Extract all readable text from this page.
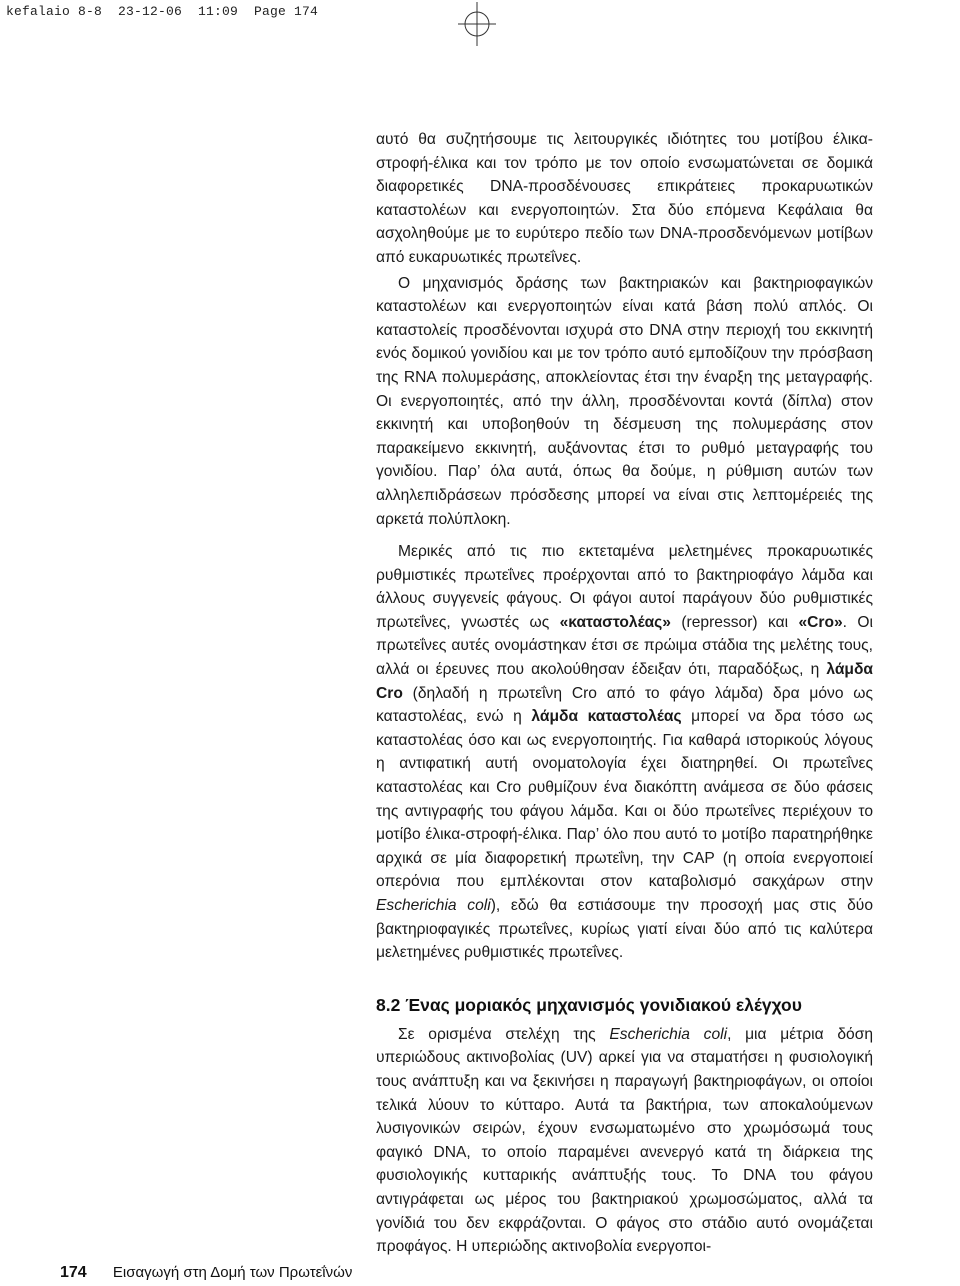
kefalaio 8-8  23-12-06  11:09  Page 174

αυτό θα συζητήσουμε τις λειτουργικές ιδιότητες του μοτίβου έλικα-στροφή-έλικα και τον τρόπο με τον οποίο ενσωματώνεται σε δομικά διαφορετικές DNA-προσδένουσες επικράτειες προκαρυωτικών καταστολέων και ενεργοποιητών. Στα δύο επόμενα Κεφάλαια θα ασχοληθούμε με το ευρύτερο πεδίο των DNA-προσδενόμενων μοτίβων από ευκαρυωτικές πρωτεΐνες.

Ο μηχανισμός δράσης των βακτηριακών και βακτηριοφαγικών καταστολέων και ενεργοποιητών είναι κατά βάση πολύ απλός. Οι καταστολείς προσδένονται ισχυρά στο DNA στην περιοχή του εκκινητή ενός δομικού γονιδίου και με τον τρόπο αυτό εμποδίζουν την πρόσβαση της RNA πολυμεράσης, αποκλείοντας έτσι την έναρξη της μεταγραφής. Οι ενεργοποιητές, από την άλλη, προσδένονται κοντά (δίπλα) στον εκκινητή και υποβοηθούν τη δέσμευση της πολυμεράσης στον παρακείμενο εκκινητή, αυξάνοντας έτσι το ρυθμό μεταγραφής του γονιδίου. Παρ’ όλα αυτά, όπως θα δούμε, η ρύθμιση αυτών των αλληλεπιδράσεων πρόσδεσης μπορεί να είναι στις λεπτομέρειές της αρκετά πολύπλοκη.

Μερικές από τις πιο εκτεταμένα μελετημένες προκαρυωτικές ρυθμιστικές πρωτεΐνες προέρχονται από το βακτηριοφάγο λάμδα και άλλους συγγενείς φάγους. Οι φάγοι αυτοί παράγουν δύο ρυθμιστικές πρωτεΐνες, γνωστές ως «καταστολέας» (repressor) και «Cro». Οι πρωτεΐνες αυτές ονομάστηκαν έτσι σε πρώιμα στάδια της μελέτης τους, αλλά οι έρευνες που ακολούθησαν έδειξαν ότι, παραδόξως, η λάμδα Cro (δηλαδή η πρωτεΐνη Cro από το φάγο λάμδα) δρα μόνο ως καταστολέας, ενώ η λάμδα καταστολέας μπορεί να δρα τόσο ως καταστολέας όσο και ως ενεργοποιητής. Για καθαρά ιστορικούς λόγους η αντιφατική αυτή ονοματολογία έχει διατηρηθεί. Οι πρωτεΐνες καταστολέας και Cro ρυθμίζουν ένα διακόπτη ανάμεσα σε δύο φάσεις της αντιγραφής του φάγου λάμδα. Και οι δύο πρωτεΐνες περιέχουν το μοτίβο έλικα-στροφή-έλικα. Παρ’ όλο που αυτό το μοτίβο παρατηρήθηκε αρχικά σε μία διαφορετική πρωτεΐνη, την CAP (η οποία ενεργοποιεί οπερόνια που εμπλέκονται στον καταβολισμό σακχάρων στην Escherichia coli), εδώ θα εστιάσουμε την προσοχή μας στις δύο βακτηριοφαγικές πρωτεΐνες, κυρίως γιατί είναι δύο από τις καλύτερα μελετημένες ρυθμιστικές πρωτεΐνες.

8.2 Ένας μοριακός μηχανισμός γονιδιακού ελέγχου

Σε ορισμένα στελέχη της Escherichia coli, μια μέτρια δόση υπεριώδους ακτινοβολίας (UV) αρκεί για να σταματήσει η φυσιολογική τους ανάπτυξη και να ξεκινήσει η παραγωγή βακτηριοφάγων, οι οποίοι τελικά λύουν το κύτταρο. Αυτά τα βακτήρια, των αποκαλούμενων λυσιγονικών σειρών, έχουν ενσωματωμένο στο χρωμόσωμά τους φαγικό DNA, το οποίο παραμένει ανενεργό κατά τη διάρκεια της φυσιολογικής κυτταρικής ανάπτυξής τους. Το DNA του φάγου αντιγράφεται ως μέρος του βακτηριακού χρωμοσώματος, αλλά τα γονίδιά του δεν εκφράζονται. Ο φάγος στο στάδιο αυτό ονομάζεται προφάγος. Η υπεριώδης ακτινοβολία ενεργοποι-

174 Εισαγωγή στη Δομή των Πρωτεΐνών
